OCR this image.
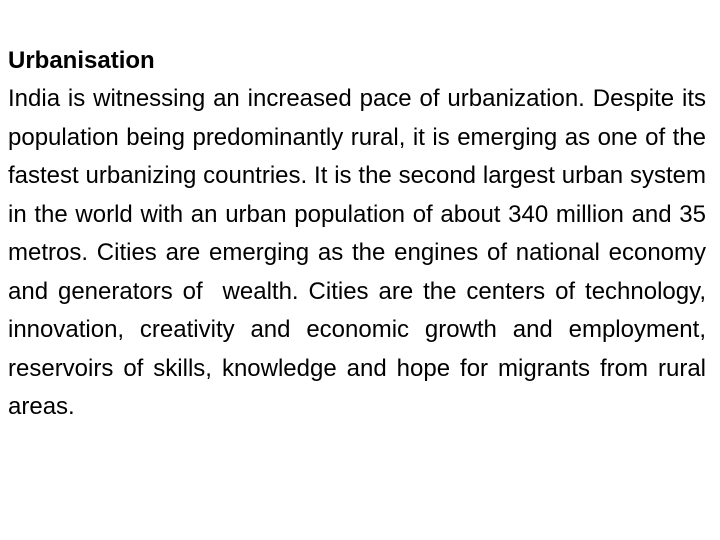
Urbanisation

India is witnessing an increased pace of urbanization. Despite its population being predominantly rural, it is emerging as one of the fastest urbanizing countries. It is the second largest urban system in the world with an urban population of about 340 million and 35 metros. Cities are emerging as the engines of national economy and generators of  wealth. Cities are the centers of technology, innovation, creativity and economic growth and employment, reservoirs of skills, knowledge and hope for migrants from rural areas.
